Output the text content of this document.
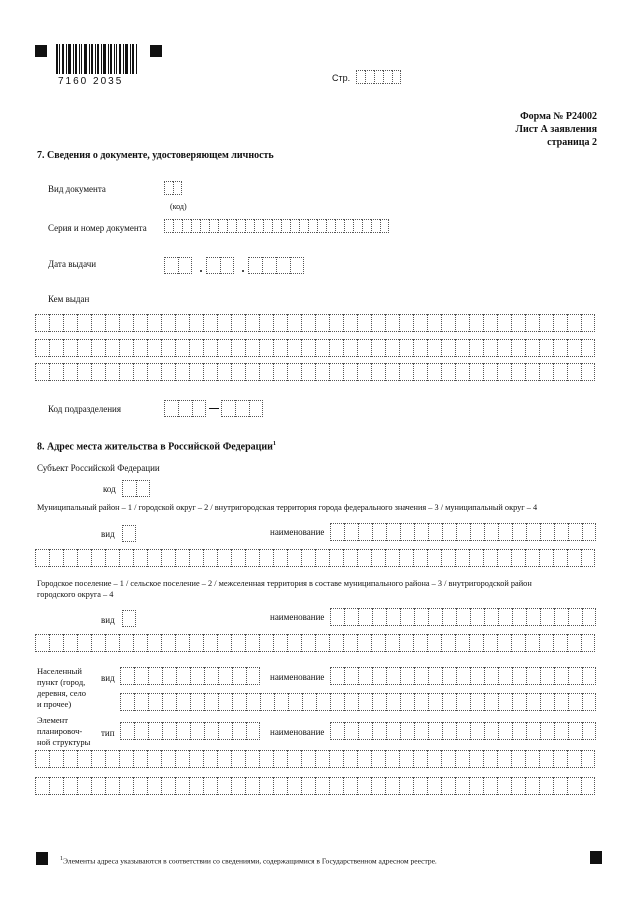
7160 2035	Стр.
Форма № Р24002
Лист А заявления
страница 2
7. Сведения о документе, удостоверяющем личность
Вид документа
(код)
Серия и номер документа
Дата выдачи
Кем выдан
Код подразделения
8. Адрес места жительства в Российской Федерации$^1$
Субъект Российской Федерации
код
Муниципальный район – 1 / городской округ – 2 / внутригородская территория города федерального значения – 3 / муниципальный округ – 4
вид	наименование
Городское поселение – 1 / сельское поселение – 2 / межселенная территория в составе муниципального района – 3 / внутригородской район
городского округа – 4
вид	наименование
Населенный
пункт (город,
деревня, село
и прочее)
вид	наименование
Элемент
планировоч-
ной структуры
тип	наименование
$^1$Элементы адреса указываются в соответствии со сведениями, содержащимися в Государственном адресном реестре.
